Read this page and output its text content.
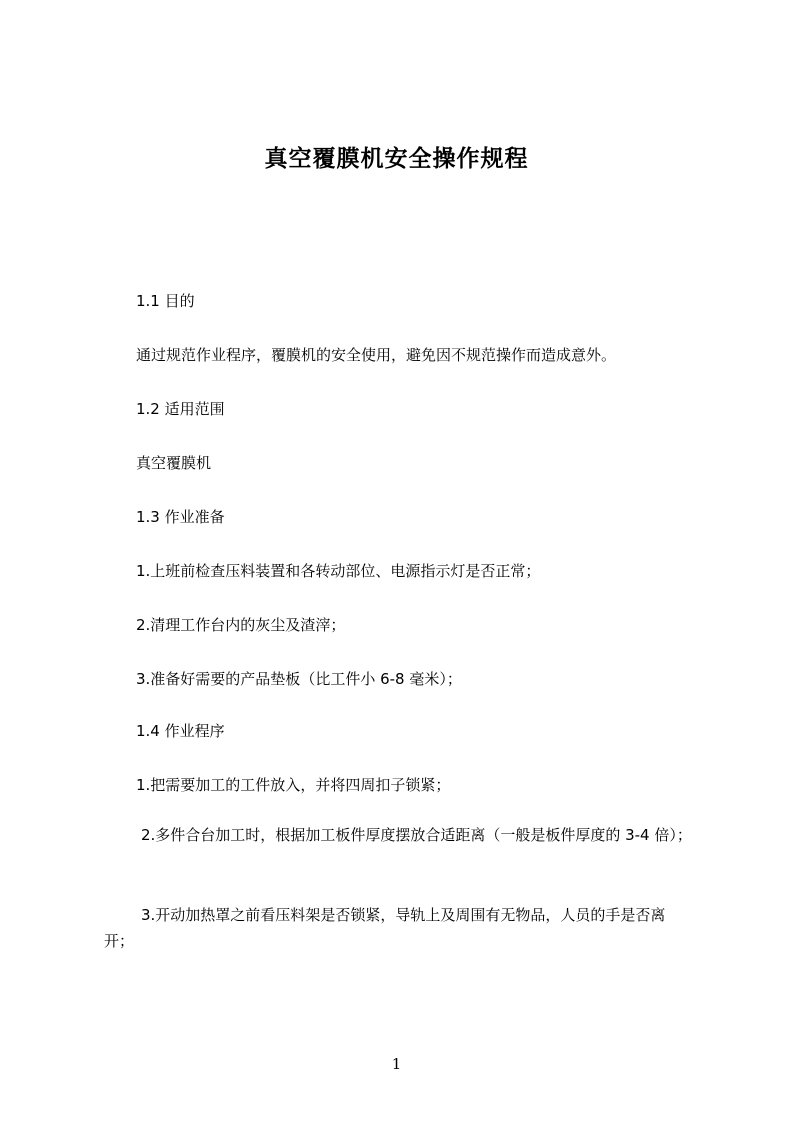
真空覆膜机安全操作规程

1.1 目的

通过规范作业程序，覆膜机的安全使用，避免因不规范操作而造成意外。

1.2 适用范围

真空覆膜机

1.3 作业准备

1.上班前检查压料装置和各转动部位、电源指示灯是否正常；

2.清理工作台内的灰尘及渣滓；

3.准备好需要的产品垫板（比工件小 6-8 毫米）；

1.4 作业程序

1.把需要加工的工件放入，并将四周扣子锁紧；

2.多件合台加工时，根据加工板件厚度摆放合适距离（一般是板件厚度的 3-4 倍）；

3.开动加热罩之前看压料架是否锁紧，导轨上及周围有无物品，人员的手是否离开；

1
